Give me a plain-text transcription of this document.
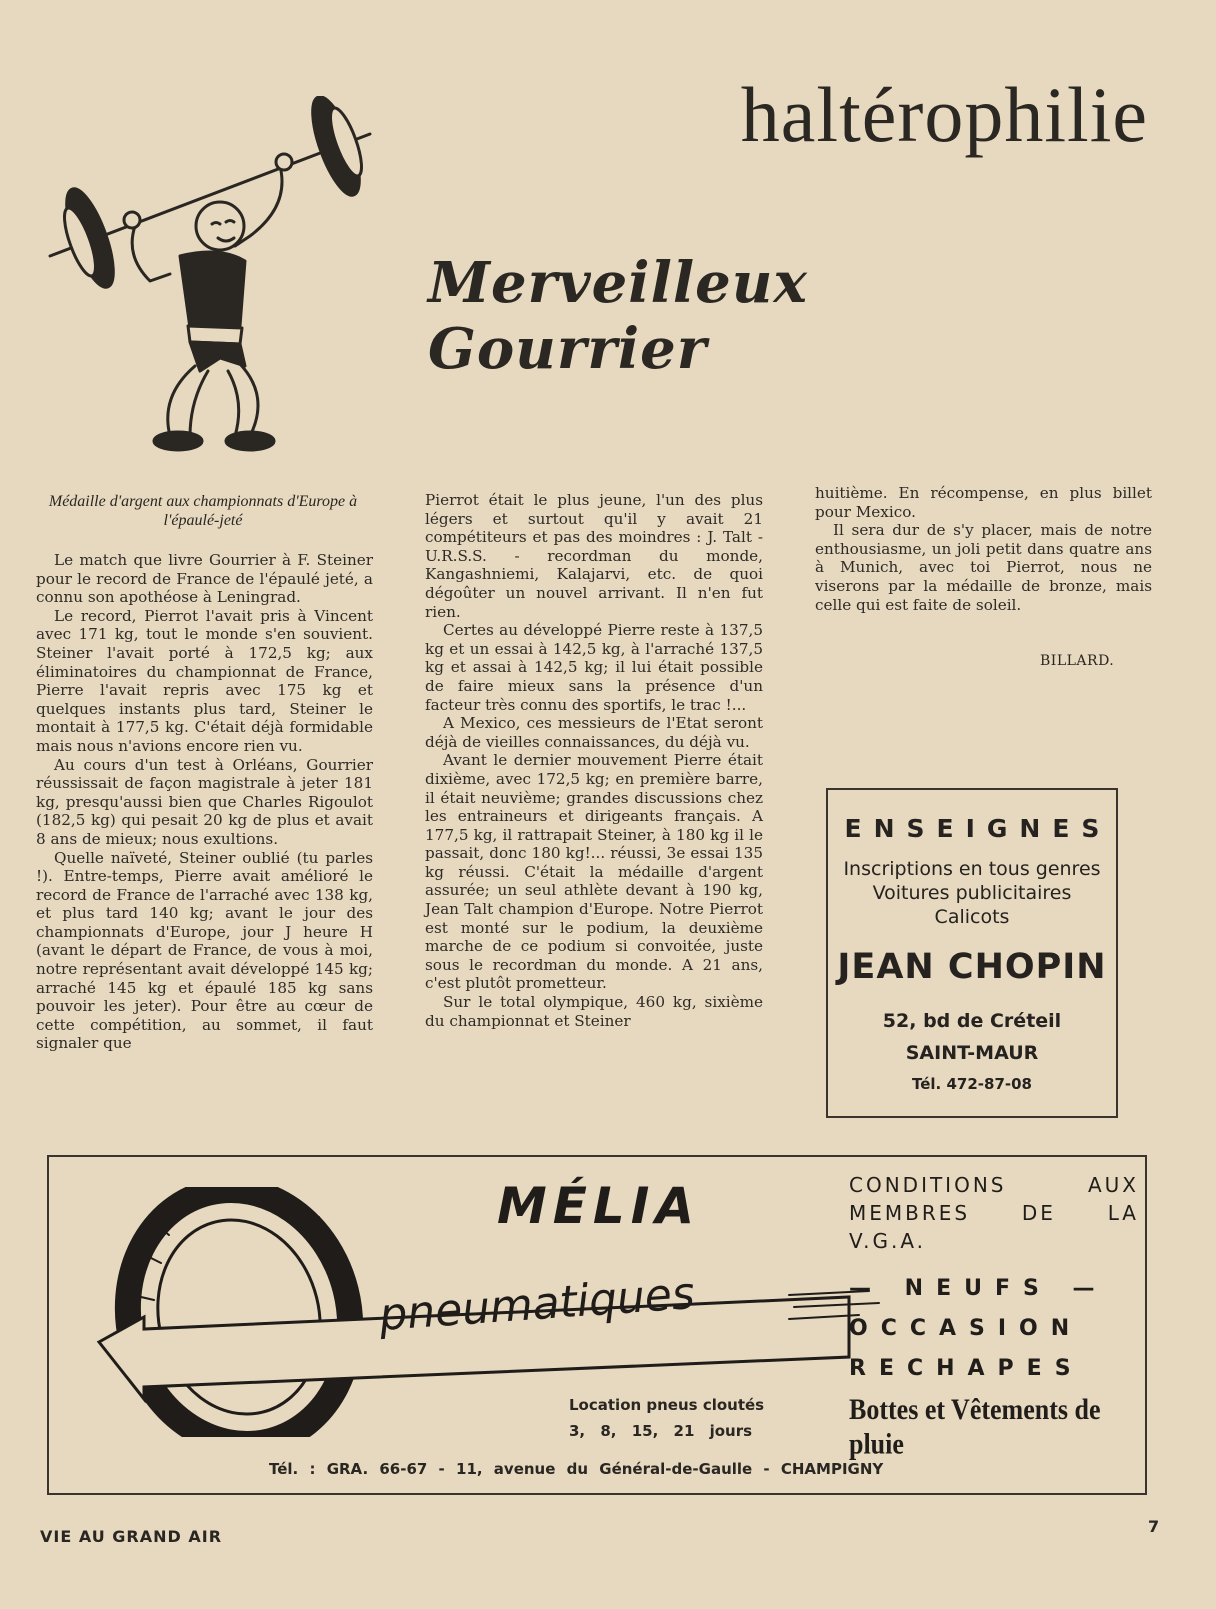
haltérophilie
Merveilleux Gourrier
Médaille d'argent aux championnats d'Europe à l'épaulé-jeté

Le match que livre Gourrier à F. Steiner pour le record de France de l'épaulé jeté, a connu son apothéose à Leningrad.

Le record, Pierrot l'avait pris à Vincent avec 171 kg, tout le monde s'en souvient. Steiner l'avait porté à 172,5 kg; aux éliminatoires du championnat de France, Pierre l'avait repris avec 175 kg et quelques instants plus tard, Steiner le montait à 177,5 kg. C'était déjà formidable mais nous n'avions encore rien vu.

Au cours d'un test à Orléans, Gourrier réussissait de façon magistrale à jeter 181 kg, presqu'aussi bien que Charles Rigoulot (182,5 kg) qui pesait 20 kg de plus et avait 8 ans de mieux; nous exultions.

Quelle naïveté, Steiner oublié (tu parles !). Entre-temps, Pierre avait amélioré le record de France de l'arraché avec 138 kg, et plus tard 140 kg; avant le jour des championnats d'Europe, jour J heure H (avant le départ de France, de vous à moi, notre représentant avait développé 145 kg; arraché 145 kg et épaulé 185 kg sans pouvoir les jeter). Pour être au cœur de cette compétition, au sommet, il faut signaler que

Pierrot était le plus jeune, l'un des plus légers et surtout qu'il y avait 21 compétiteurs et pas des moindres : J. Talt - U.R.S.S. - recordman du monde, Kangashniemi, Kalajarvi, etc. de quoi dégoûter un nouvel arrivant. Il n'en fut rien.

Certes au développé Pierre reste à 137,5 kg et un essai à 142,5 kg, à l'arraché 137,5 kg et assai à 142,5 kg; il lui était possible de faire mieux sans la présence d'un facteur très connu des sportifs, le trac !...

A Mexico, ces messieurs de l'Etat seront déjà de vieilles connaissances, du déjà vu.

Avant le dernier mouvement Pierre était dixième, avec 172,5 kg; en première barre, il était neuvième; grandes discussions chez les entraineurs et dirigeants français. A 177,5 kg, il rattrapait Steiner, à 180 kg il le passait, donc 180 kg!... réussi, 3e essai 135 kg réussi. C'était la médaille d'argent assurée; un seul athlète devant à 190 kg, Jean Talt champion d'Europe. Notre Pierrot est monté sur le podium, la deuxième marche de ce podium si convoitée, juste sous le recordman du monde. A 21 ans, c'est plutôt prometteur.

Sur le total olympique, 460 kg, sixième du championnat et Steiner

huitième. En récompense, en plus billet pour Mexico.

Il sera dur de s'y placer, mais de notre enthousiasme, un joli petit dans quatre ans à Munich, avec toi Pierrot, nous ne viserons par la médaille de bronze, mais celle qui est faite de soleil.

BILLARD.
ENSEIGNES
Inscriptions en tous genres
Voitures publicitaires
Calicots
JEAN CHOPIN
52, bd de Créteil
SAINT-MAUR
Tél. 472-87-08
MÉLIA
pneumatiques
Location pneus cloutés
3, 8, 15, 21 jours
CONDITIONS AUX MEMBRES DE LA V.G.A.
— NEUFS —
OCCASION
RECHAPES
Bottes et Vêtements de pluie
Tél. : GRA. 66-67 - 11, avenue du Général-de-Gaulle - CHAMPIGNY
VIE AU GRAND AIR
7
